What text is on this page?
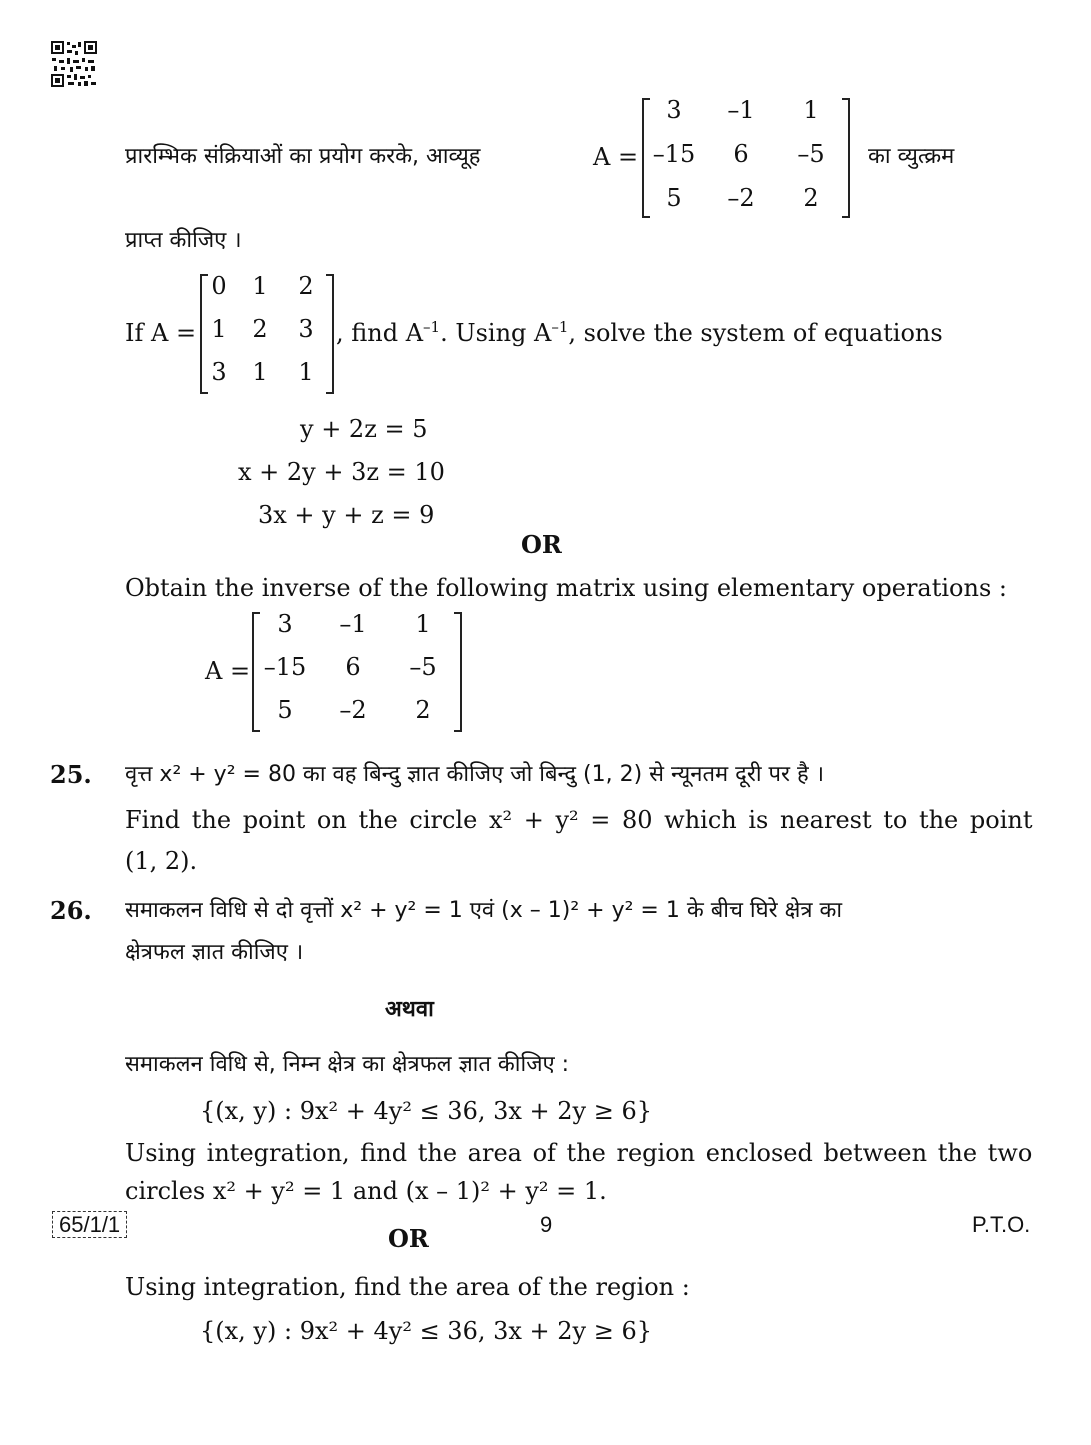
प्रारम्भिक संक्रियाओं का प्रयोग करके, आव्यूह	A =
3	–1	1
–15	6	–5
5	–2	2
का व्युत्क्रम
प्राप्त कीजिए ।
If A =
0	1	2
1	2	3
3	1	1
, find $A^{-1}$. Using $A^{-1}$, solve the system of equations
y + 2z = 5
x + 2y + 3z = 10
3x + y + z = 9
OR
Obtain the inverse of the following matrix using elementary operations :
A =
3	–1	1
–15	6	–5
5	–2	2
25. वृत्त x² + y² = 80 का वह बिन्दु ज्ञात कीजिए जो बिन्दु (1, 2) से न्यूनतम दूरी पर है ।
Find the point on the circle x² + y² = 80 which is nearest to the point
(1, 2).
26. समाकलन विधि से दो वृत्तों x² + y² = 1 एवं (x – 1)² + y² = 1 के बीच घिरे क्षेत्र का
क्षेत्रफल ज्ञात कीजिए ।
अथवा
समाकलन विधि से, निम्न क्षेत्र का क्षेत्रफल ज्ञात कीजिए :
{(x, y) : 9x² + 4y² ≤ 36, 3x + 2y ≥ 6}
Using integration, find the area of the region enclosed between the two
circles x² + y² = 1 and (x – 1)² + y² = 1.
OR
Using integration, find the area of the region :
{(x, y) : 9x² + 4y² ≤ 36, 3x + 2y ≥ 6}
65/1/1	9	P.T.O.
